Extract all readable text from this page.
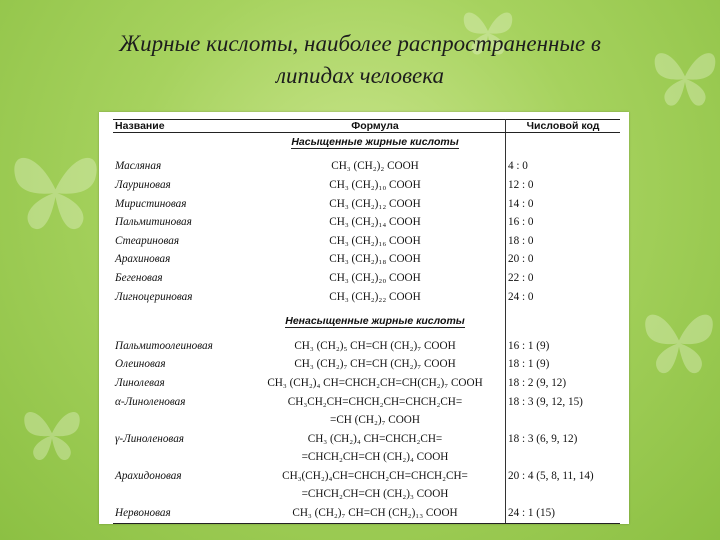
Жирные кислоты, наиболее распространенные в
липидах человека
Название	Формула	Числовой код
	Насыщенные жирные кислоты	

Масляная	CH₃ (CH₂)₂ COOH	4 : 0
Лауриновая	CH₃ (CH₂)₁₀ COOH	12 : 0
Миристиновая	CH₃ (CH₂)₁₂ COOH	14 : 0
Пальмитиновая	CH₃ (CH₂)₁₄ COOH	16 : 0
Стеариновая	CH₃ (CH₂)₁₆ COOH	18 : 0
Арахиновая	CH₃ (CH₂)₁₈ COOH	20 : 0
Бегеновая	CH₃ (CH₂)₂₀ COOH	22 : 0
Лигноцериновая	CH₃ (CH₂)₂₂ COOH	24 : 0

	Ненасыщенные жирные кислоты	

Пальмитоолеиновая	CH₃ (CH₂)₅ CH=CH (CH₂)₇ COOH	16 : 1 (9)
Олеиновая	CH₃ (CH₂)₇ CH=CH (CH₂)₇ COOH	18 : 1 (9)
Линолевая	CH₃ (CH₂)₄ CH=CHCH₂CH=CH(CH₂)₇ COOH	18 : 2 (9, 12)
α-Линоленовая	CH₃CH₂CH=CHCH₂CH=CHCH₂CH=	18 : 3 (9, 12, 15)
	=CH (CH₂)₇ COOH	
γ-Линоленовая	CH₃ (CH₂)₄ CH=CHCH₂CH=	18 : 3 (6, 9, 12)
	=CHCH₂CH=CH (CH₂)₄ COOH	
Арахидоновая	CH₃(CH₂)₄CH=CHCH₂CH=CHCH₂CH=	20 : 4 (5, 8, 11, 14)
	=CHCH₂CH=CH (CH₂)₃ COOH	
Нервоновая	CH₃ (CH₂)₇ CH=CH (CH₂)₁₃ COOH	24 : 1 (15)
